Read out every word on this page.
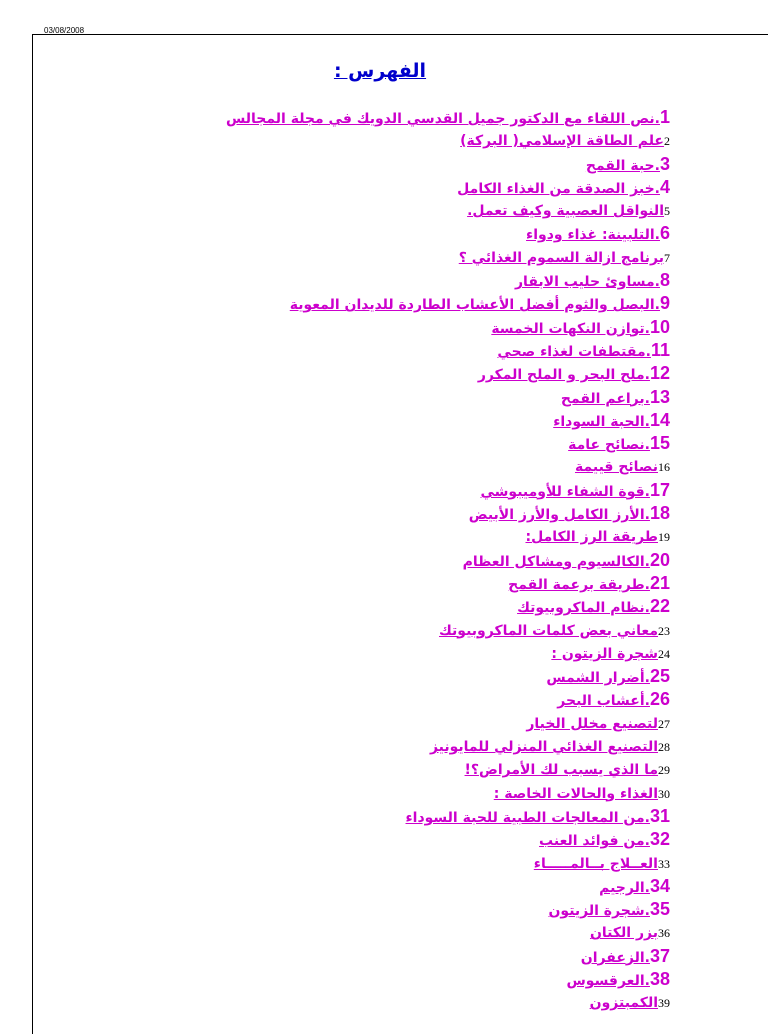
03/08/2008
الفهرس :
1.نص اللقاء مع الدكتور جميل القدسي الدويك في مجلة المجالس
2علم الطاقة الإسلامي( البركة)
3.حبة القمح
4.خبز الصدقة من الغذاء الكامل
5النواقل العصبية وكيف تعمل.
6.التلبينة: غذاء ودواء
7برنامج ازالة السموم الغذائي ؟
8.مساوئ حليب الابقار
9.البصل والثوم أفضل الأعشاب الطاردة للديدان المعوية
10.توازن النكهات الخمسة
11.مقتطفات لغذاء صحي
12.ملح البحر و الملح المكرر
13.براعم القمح
14.الحبة السوداء
15.نصائح عامة
16نصائح قييمة
17.قوة الشفاء للأوميبوشي
18.الأرز الكامل والأرز الأبيض
19طريقة الرز الكامل:
20.الكالسيوم ومشاكل العظام
21.طريقة برعمة القمح
22.نظام الماكروبيوتك
23معاني بعض كلمات الماكروبيوتك
24شجرة الزيتون :
25.أضرار الشمس
26.أعشاب البحر
27لتصنيع مخلل الخيار
28التصنيع الغذائي المنزلي للمايونيز
29ما الذي يسبب لك الأمراض؟!
30الغذاء والحالات الخاصة :
31.من المعالجات الطبية للحبة السوداء
32.من فوائد العنب
33العــلاج بــالمـــــاء
34.الرجيم
35.شجرة الزيتون
36بزر الكتان
37.الزعفران
38.العرقسوس
39الكمبتزون
